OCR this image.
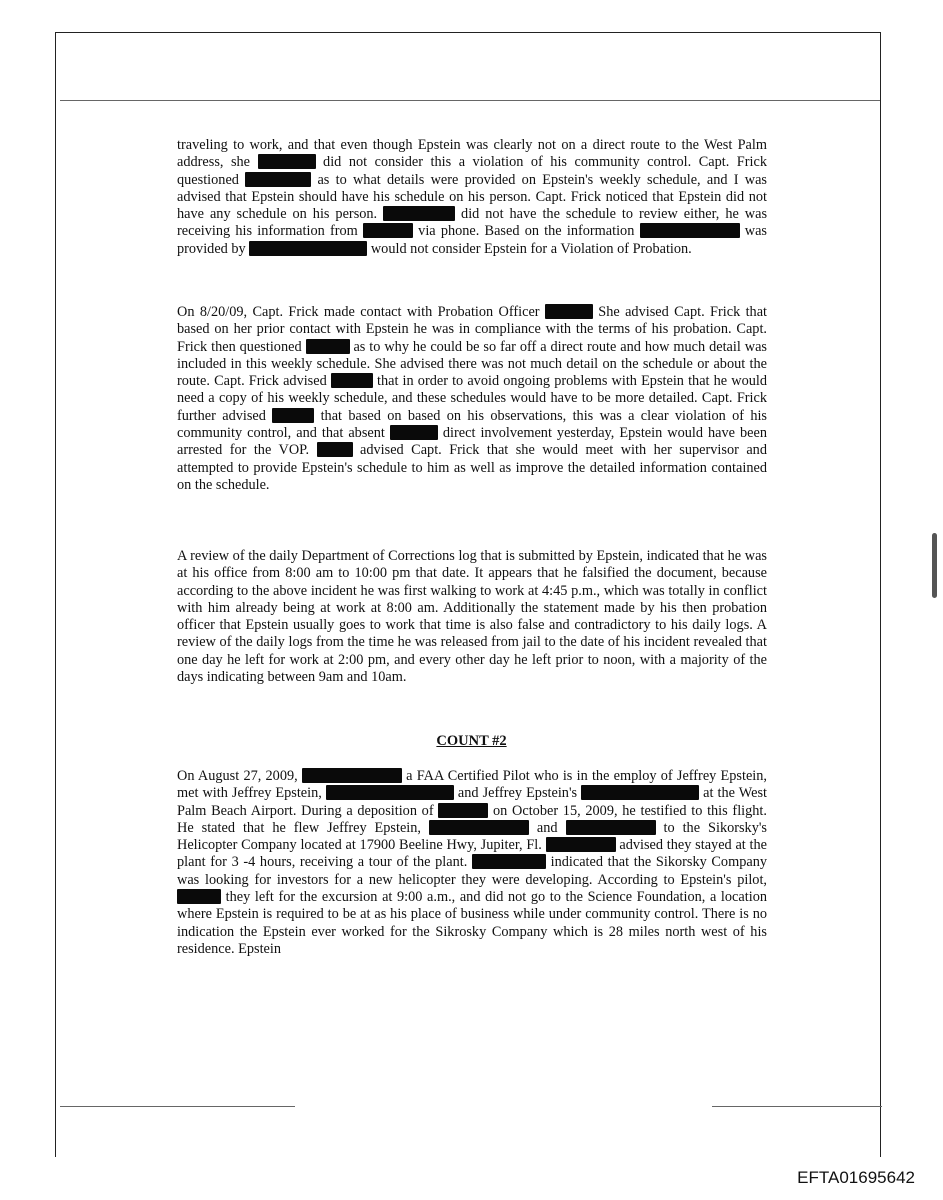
traveling to work, and that even though Epstein was clearly not on a direct route to the West Palm address, she	did not consider this a violation of his community control. Capt. Frick questioned	as to what details were provided on Epstein's weekly schedule, and I was advised that Epstein should have his schedule on his person. Capt. Frick noticed that Epstein did not have any schedule on his person.	did not have the schedule to review either, he was receiving his information from	via phone. Based on the information	was provided by	would not consider Epstein for a Violation of Probation.
On 8/20/09, Capt. Frick made contact with Probation Officer	She advised Capt. Frick that based on her prior contact with Epstein he was in compliance with the terms of his probation. Capt. Frick then questioned	as to why he could be so far off a direct route and how much detail was included in this weekly schedule. She advised there was not much detail on the schedule or about the route. Capt. Frick advised	that in order to avoid ongoing problems with Epstein that he would need a copy of his weekly schedule, and these schedules would have to be more detailed. Capt. Frick further advised	that based on based on his observations, this was a clear violation of his community control, and that absent	direct involvement yesterday, Epstein would have been arrested for the VOP.	advised Capt. Frick that she would meet with her supervisor and attempted to provide Epstein's schedule to him as well as improve the detailed information contained on the schedule.
A review of the daily Department of Corrections log that is submitted by Epstein, indicated that he was at his office from 8:00 am to 10:00 pm that date. It appears that he falsified the document, because according to the above incident he was first walking to work at 4:45 p.m., which was totally in conflict with him already being at work at 8:00 am. Additionally the statement made by his then probation officer that Epstein usually goes to work that time is also false and contradictory to his daily logs. A review of the daily logs from the time he was released from jail to the date of his incident revealed that one day he left for work at 2:00 pm, and every other day he left prior to noon, with a majority of the days indicating between 9am and 10am.
COUNT #2
On August 27, 2009,	a FAA Certified Pilot who is in the employ of Jeffrey Epstein, met with Jeffrey Epstein,	and Jeffrey Epstein's	at the West Palm Beach Airport. During a deposition of	on October 15, 2009, he testified to this flight. He stated that he flew Jeffrey Epstein,	and	to the Sikorsky's Helicopter Company located at 17900 Beeline Hwy, Jupiter, Fl.	advised they stayed at the plant for 3 -4 hours, receiving a tour of the plant.	indicated that the Sikorsky Company was looking for investors for a new helicopter they were developing. According to Epstein's pilot,  they left for the excursion at 9:00 a.m., and did not go to the Science Foundation, a location where Epstein is required to be at as his place of business while under community control. There is no indication the Epstein ever worked for the Sikrosky Company which is 28 miles north west of his residence. Epstein
EFTA01695642
